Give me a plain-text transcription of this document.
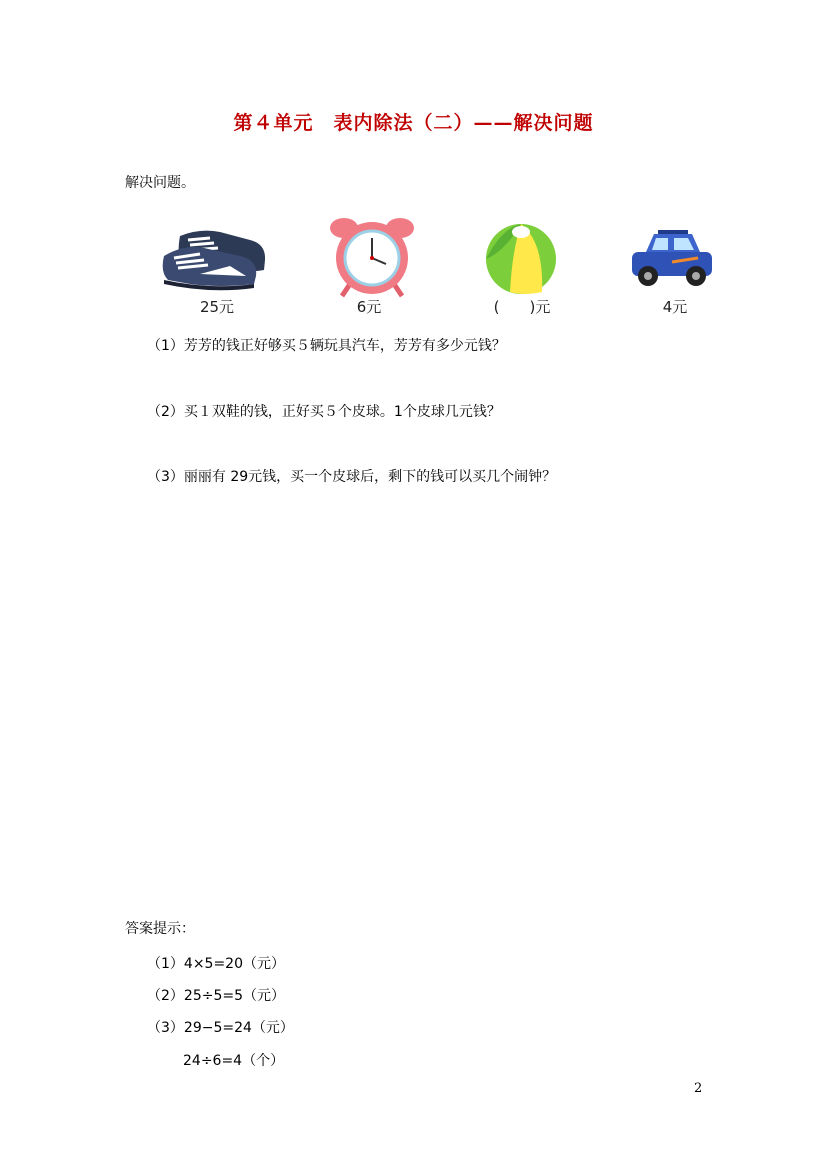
第４单元　表内除法（二）——解决问题
解决问题。
25元	6元	(　　)元	4元
（1）芳芳的钱正好够买５辆玩具汽车，芳芳有多少元钱？
（2）买１双鞋的钱，正好买５个皮球。1个皮球几元钱？
（3）丽丽有 29元钱，买一个皮球后，剩下的钱可以买几个闹钟？
答案提示：
（1）4×5=20（元）
（2）25÷5=5（元）
（3）29−5=24（元）
24÷6=4（个）
2
